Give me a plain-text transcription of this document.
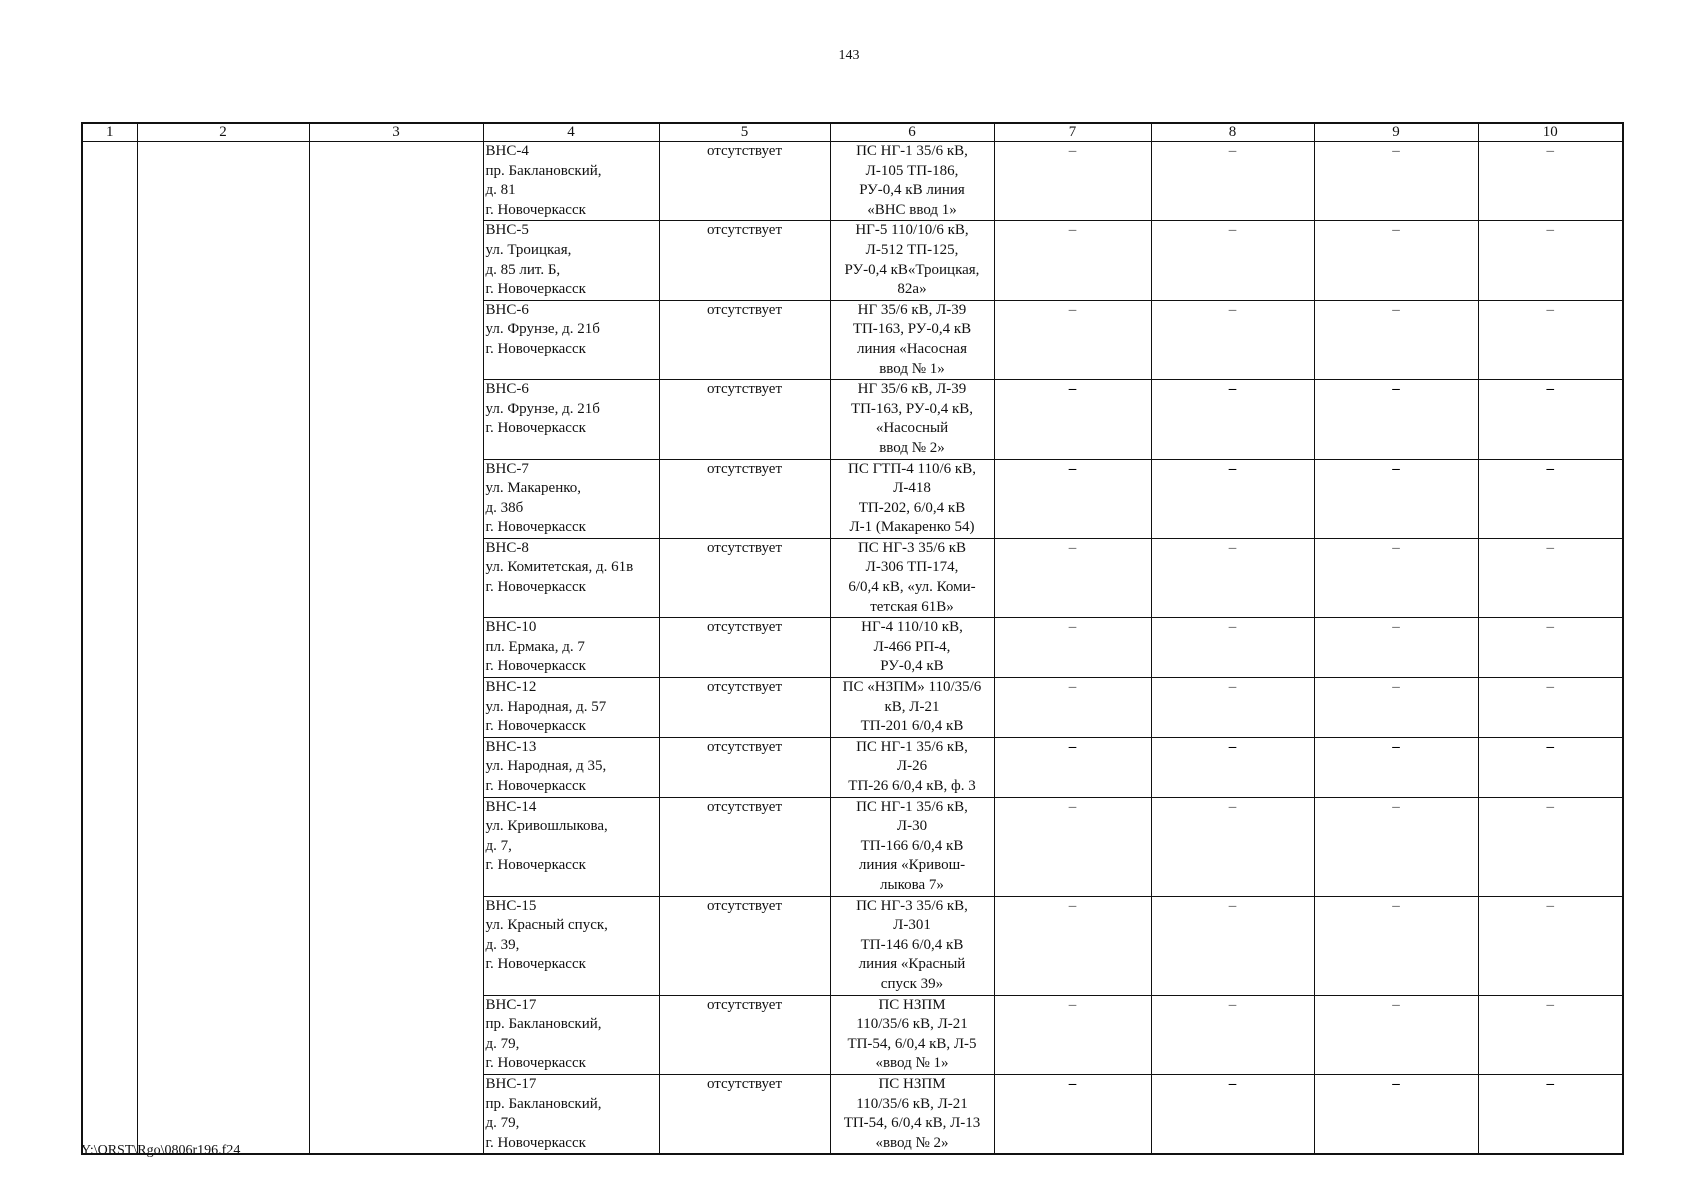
143
1	2	3	4	5	6	7	8	9	10
			ВНС-4
пр. Баклановский,
д. 81
г. Новочеркасск	отсутствует	ПС НГ-1 35/6 кВ,
Л-105 ТП-186,
РУ-0,4 кВ линия
«ВНС ввод 1»	–	–	–	–
			ВНС-5
ул. Троицкая,
д. 85 лит. Б,
г. Новочеркасск	отсутствует	НГ-5 110/10/6 кВ,
Л-512 ТП-125,
РУ-0,4 кВ«Троицкая,
82а»	–	–	–	–
			ВНС-6
ул. Фрунзе, д. 21б
г. Новочеркасск	отсутствует	НГ 35/6 кВ, Л-39
ТП-163, РУ-0,4 кВ
линия «Насосная
ввод № 1»	–	–	–	–
			ВНС-6
ул. Фрунзе, д. 21б
г. Новочеркасск	отсутствует	НГ 35/6 кВ, Л-39
ТП-163, РУ-0,4 кВ,
«Насосный
ввод № 2»	–	–	–	–
			ВНС-7
ул. Макаренко,
д. 38б
г. Новочеркасск	отсутствует	ПС ГТП-4 110/6 кВ,
Л-418
ТП-202, 6/0,4 кВ
Л-1 (Макаренко 54)	–	–	–	–
			ВНС-8
ул. Комитетская, д. 61в
г. Новочеркасск	отсутствует	ПС НГ-3 35/6 кВ
Л-306 ТП-174,
6/0,4 кВ, «ул. Коми-
тетская 61В»	–	–	–	–
			ВНС-10
пл. Ермака, д. 7
г. Новочеркасск	отсутствует	НГ-4 110/10 кВ,
Л-466 РП-4,
РУ-0,4 кВ	–	–	–	–
			ВНС-12
ул. Народная, д. 57
г. Новочеркасск	отсутствует	ПС «НЗПМ» 110/35/6
кВ, Л-21
ТП-201 6/0,4 кВ	–	–	–	–
			ВНС-13
ул. Народная, д 35,
г. Новочеркасск	отсутствует	ПС НГ-1 35/6 кВ,
Л-26
ТП-26 6/0,4 кВ, ф. 3	–	–	–	–
			ВНС-14
ул. Кривошлыкова,
д. 7,
г. Новочеркасск	отсутствует	ПС НГ-1 35/6 кВ,
Л-30
ТП-166 6/0,4 кВ
линия «Кривош-
лыкова 7»	–	–	–	–
			ВНС-15
ул. Красный спуск,
д. 39,
г. Новочеркасск	отсутствует	ПС НГ-3 35/6 кВ,
Л-301
ТП-146 6/0,4 кВ
линия «Красный
спуск 39»	–	–	–	–
			ВНС-17
пр. Баклановский,
д. 79,
г. Новочеркасск	отсутствует	ПС НЗПМ
110/35/6 кВ, Л-21
ТП-54, 6/0,4 кВ, Л-5
«ввод № 1»	–	–	–	–
			ВНС-17
пр. Баклановский,
д. 79,
г. Новочеркасск	отсутствует	ПС НЗПМ
110/35/6 кВ, Л-21
ТП-54, 6/0,4 кВ, Л-13
«ввод № 2»	–	–	–	–
Y:\ORST\Rgo\0806r196.f24
